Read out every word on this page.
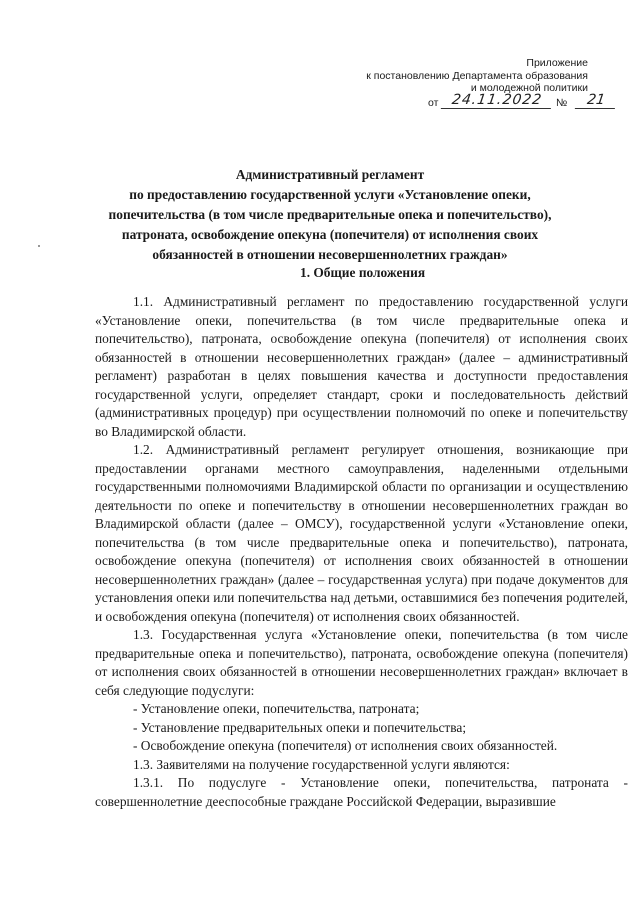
Приложение
к постановлению Департамента образования
и молодежной политики
от 24.11.2022	№	21
Административный регламент
по предоставлению государственной услуги «Установление опеки,
попечительства (в том числе предварительные опека и попечительство),
патроната, освобождение опекуна (попечителя) от исполнения своих
обязанностей в отношении несовершеннолетних граждан»
1. Общие положения

1.1. Административный регламент по предоставлению государственной услуги «Установление опеки, попечительства (в том числе предварительные опека и попечительство), патроната, освобождение опекуна (попечителя) от исполнения своих обязанностей в отношении несовершеннолетних граждан» (далее – административный регламент) разработан в целях повышения качества и доступности предоставления государственной услуги, определяет стандарт, сроки и последовательность действий (административных процедур) при осуществлении полномочий по опеке и попечительству во Владимирской области.

1.2. Административный регламент регулирует отношения, возникающие при предоставлении органами местного самоуправления, наделенными отдельными государственными полномочиями Владимирской области по организации и осуществлению деятельности по опеке и попечительству в отношении несовершеннолетних граждан во Владимирской области (далее – ОМСУ), государственной услуги «Установление опеки, попечительства (в том числе предварительные опека и попечительство), патроната, освобождение опекуна (попечителя) от исполнения своих обязанностей в отношении несовершеннолетних граждан» (далее – государственная услуга) при подаче документов для установления опеки или попечительства над детьми, оставшимися без попечения родителей, и освобождения опекуна (попечителя) от исполнения своих обязанностей.

1.3. Государственная услуга «Установление опеки, попечительства (в том числе предварительные опека и попечительство), патроната, освобождение опекуна (попечителя) от исполнения своих обязанностей в отношении несовершеннолетних граждан» включает в себя следующие подуслуги:

- Установление опеки, попечительства, патроната;

- Установление предварительных опеки и попечительства;

- Освобождение опекуна (попечителя) от исполнения своих обязанностей.

1.3. Заявителями на получение государственной услуги являются:

1.3.1. По подуслуге - Установление опеки, попечительства, патроната - совершеннолетние дееспособные граждане Российской Федерации, выразившие
